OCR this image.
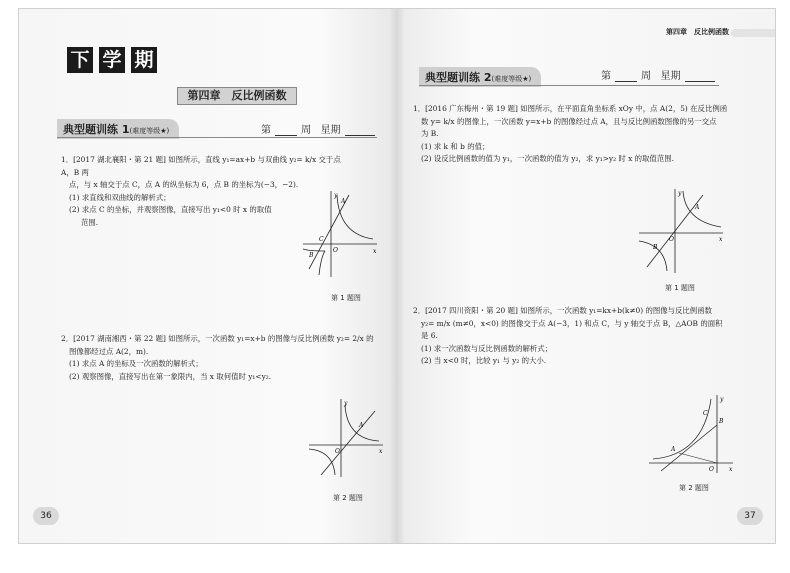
下 学 期
第四章　反比例函数
典型题训练 1(难度等级★)	第	周 星期

1．[2017 湖北襄阳・第 21 题] 如图所示，直线 y₁=ax+b 与双曲线 y₂= k/x 交于点 A，B 两

点，与 x 轴交于点 C，点 A 的纵坐标为 6，点 B 的坐标为(−3，−2).

(1) 求直线和双曲线的解析式；

(2) 求点 C 的坐标，并观察图像，直接写出 y₁<0 时 x 的取值

范围.

x
y
O
A
B
C
第 1 题图

2．[2017 湖南湘西・第 22 题] 如图所示，一次函数 y₁=x+b 的图像与反比例函数 y₂= 2/x 的

图像都经过点 A(2，m).

(1) 求点 A 的坐标及一次函数的解析式；

(2) 观察图像，直接写出在第一象限内，当 x 取何值时 y₁<y₂.

x
y
O
A
第 2 题图
36
第四章　反比例函数
典型题训练 2(难度等级★)	第	周 星期

1．[2016 广东梅州・第 19 题] 如图所示，在平面直角坐标系 xOy 中，点 A(2，5) 在反比例函

数 y= k/x 的图像上，一次函数 y=x+b 的图像经过点 A，且与反比例函数图像的另一交点

为 B.

(1) 求 k 和 b 的值；

(2) 设反比例函数的值为 y₁，一次函数的值为 y₂，求 y₁>y₂ 时 x 的取值范围.

x
y
O
A
B
第 1 题图

2．[2017 四川资阳・第 20 题] 如图所示，一次函数 y₁=kx+b(k≠0) 的图像与反比例函数

y₂= m/x (m≠0，x<0) 的图像交于点 A(−3，1) 和点 C，与 y 轴交于点 B，△AOB 的面积

是 6.

(1) 求一次函数与反比例函数的解析式；

(2) 当 x<0 时，比较 y₁ 与 y₂ 的大小.

x
y
O
A
B
C
第 2 题图
37
